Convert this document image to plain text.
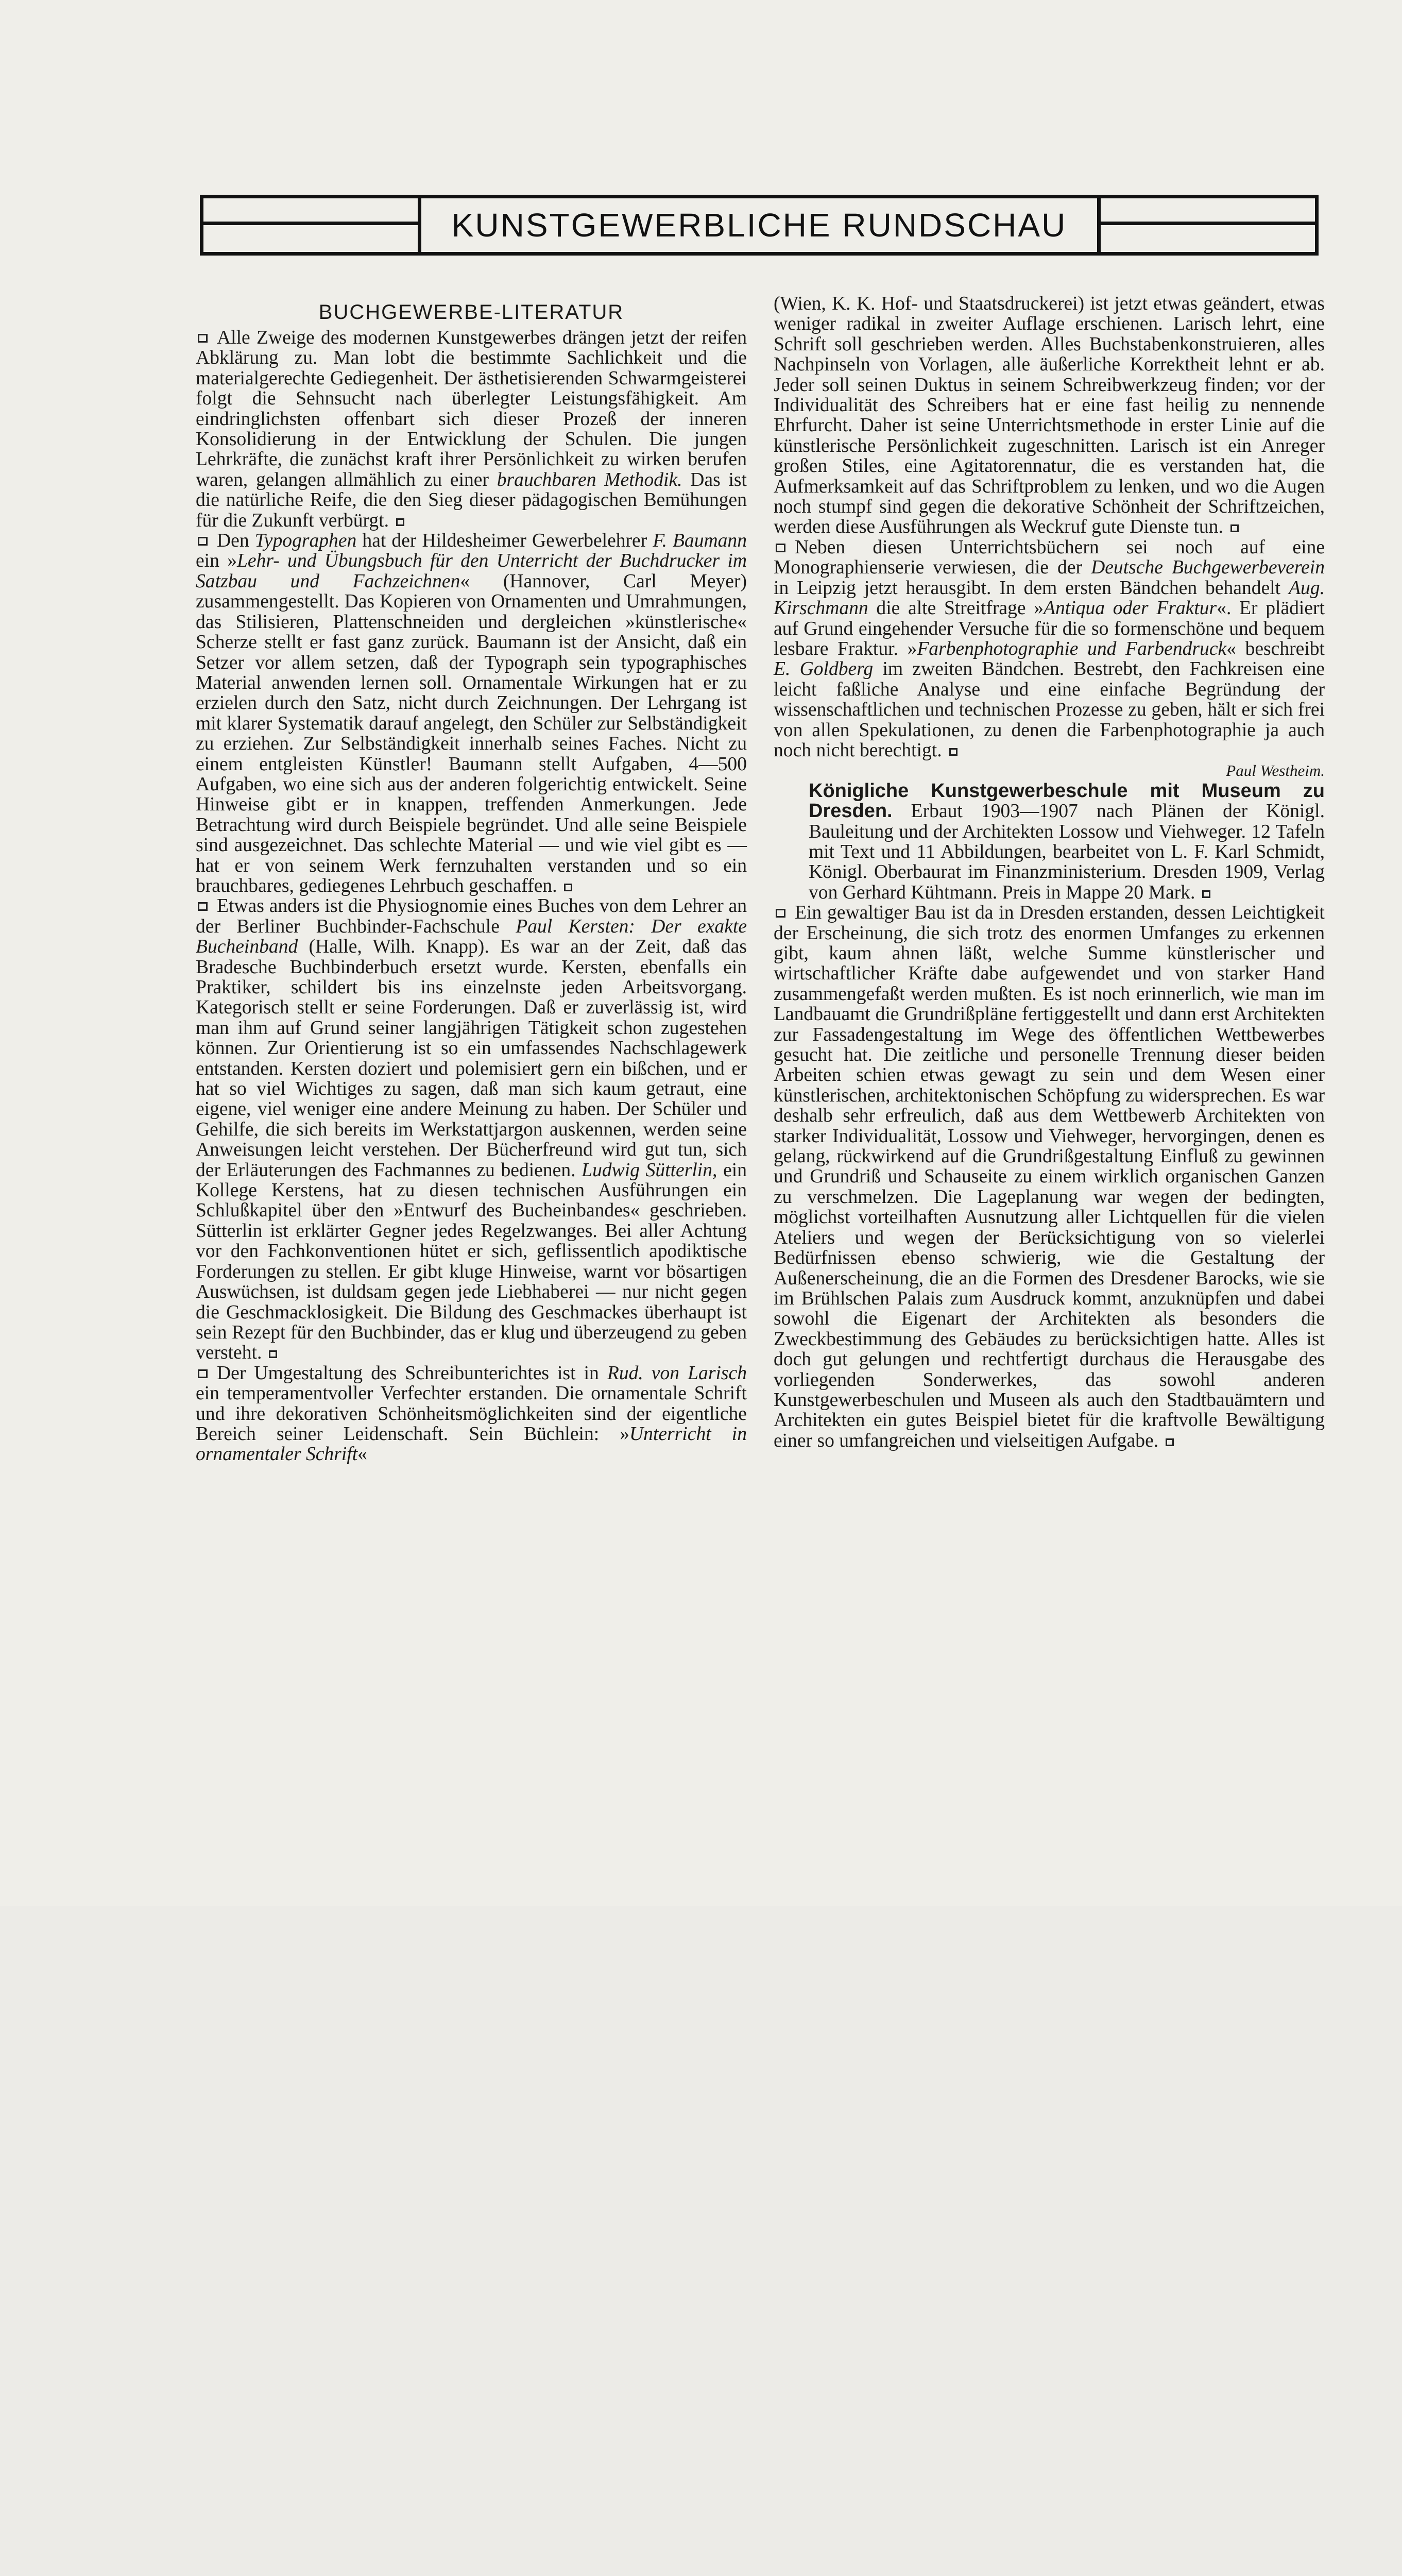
KUNSTGEWERBLICHE RUNDSCHAU
BUCHGEWERBE-LITERATUR

Alle Zweige des modernen Kunstgewerbes drängen jetzt der reifen Abklärung zu. Man lobt die bestimmte Sachlichkeit und die materialgerechte Gediegenheit. Der ästhetisierenden Schwarmgeisterei folgt die Sehnsucht nach überlegter Leistungsfähigkeit. Am eindringlichsten offenbart sich dieser Prozeß der inneren Konsolidierung in der Entwicklung der Schulen. Die jungen Lehrkräfte, die zunächst kraft ihrer Persönlichkeit zu wirken berufen waren, gelangen allmählich zu einer brauchbaren Methodik. Das ist die natürliche Reife, die den Sieg dieser pädagogischen Bemühungen für die Zukunft verbürgt.

Den Typographen hat der Hildesheimer Gewerbelehrer F. Baumann ein »Lehr- und Übungsbuch für den Unterricht der Buchdrucker im Satzbau und Fachzeichnen« (Hannover, Carl Meyer) zusammengestellt. Das Kopieren von Ornamenten und Umrahmungen, das Stilisieren, Plattenschneiden und dergleichen »künstlerische« Scherze stellt er fast ganz zurück. Baumann ist der Ansicht, daß ein Setzer vor allem setzen, daß der Typograph sein typographisches Material anwenden lernen soll. Ornamentale Wirkungen hat er zu erzielen durch den Satz, nicht durch Zeichnungen. Der Lehrgang ist mit klarer Systematik darauf angelegt, den Schüler zur Selbständigkeit zu erziehen. Zur Selbständigkeit innerhalb seines Faches. Nicht zu einem entgleisten Künstler! Baumann stellt Aufgaben, 4—500 Aufgaben, wo eine sich aus der anderen folgerichtig entwickelt. Seine Hinweise gibt er in knappen, treffenden Anmerkungen. Jede Betrachtung wird durch Beispiele begründet. Und alle seine Beispiele sind ausgezeichnet. Das schlechte Material — und wie viel gibt es — hat er von seinem Werk fernzuhalten verstanden und so ein brauchbares, gediegenes Lehrbuch geschaffen.

Etwas anders ist die Physiognomie eines Buches von dem Lehrer an der Berliner Buchbinder-Fachschule Paul Kersten: Der exakte Bucheinband (Halle, Wilh. Knapp). Es war an der Zeit, daß das Bradesche Buchbinderbuch ersetzt wurde. Kersten, ebenfalls ein Praktiker, schildert bis ins einzelnste jeden Arbeitsvorgang. Kategorisch stellt er seine Forderungen. Daß er zuverlässig ist, wird man ihm auf Grund seiner langjährigen Tätigkeit schon zugestehen können. Zur Orientierung ist so ein umfassendes Nachschlagewerk entstanden. Kersten doziert und polemisiert gern ein bißchen, und er hat so viel Wichtiges zu sagen, daß man sich kaum getraut, eine eigene, viel weniger eine andere Meinung zu haben. Der Schüler und Gehilfe, die sich bereits im Werkstattjargon auskennen, werden seine Anweisungen leicht verstehen. Der Bücherfreund wird gut tun, sich der Erläuterungen des Fachmannes zu bedienen. Ludwig Sütterlin, ein Kollege Kerstens, hat zu diesen technischen Ausführungen ein Schlußkapitel über den »Entwurf des Bucheinbandes« geschrieben. Sütterlin ist erklärter Gegner jedes Regelzwanges. Bei aller Achtung vor den Fachkonventionen hütet er sich, geflissentlich apodiktische Forderungen zu stellen. Er gibt kluge Hinweise, warnt vor bösartigen Auswüchsen, ist duldsam gegen jede Liebhaberei — nur nicht gegen die Geschmacklosigkeit. Die Bildung des Geschmackes überhaupt ist sein Rezept für den Buchbinder, das er klug und überzeugend zu geben versteht.

Der Umgestaltung des Schreibunterichtes ist in Rud. von Larisch ein temperamentvoller Verfechter erstanden. Die ornamentale Schrift und ihre dekorativen Schönheitsmöglichkeiten sind der eigentliche Bereich seiner Leidenschaft. Sein Büchlein: »Unterricht in ornamentaler Schrift«

(Wien, K. K. Hof- und Staatsdruckerei) ist jetzt etwas geändert, etwas weniger radikal in zweiter Auflage erschienen. Larisch lehrt, eine Schrift soll geschrieben werden. Alles Buchstabenkonstruieren, alles Nachpinseln von Vorlagen, alle äußerliche Korrektheit lehnt er ab. Jeder soll seinen Duktus in seinem Schreibwerkzeug finden; vor der Individualität des Schreibers hat er eine fast heilig zu nennende Ehrfurcht. Daher ist seine Unterrichtsmethode in erster Linie auf die künstlerische Persönlichkeit zugeschnitten. Larisch ist ein Anreger großen Stiles, eine Agitatorennatur, die es verstanden hat, die Aufmerksamkeit auf das Schriftproblem zu lenken, und wo die Augen noch stumpf sind gegen die dekorative Schönheit der Schriftzeichen, werden diese Ausführungen als Weckruf gute Dienste tun.

Neben diesen Unterrichtsbüchern sei noch auf eine Monographienserie verwiesen, die der Deutsche Buchgewerbeverein in Leipzig jetzt herausgibt. In dem ersten Bändchen behandelt Aug. Kirschmann die alte Streitfrage »Antiqua oder Fraktur«. Er plädiert auf Grund eingehender Versuche für die so formenschöne und bequem lesbare Fraktur. »Farbenphotographie und Farbendruck« beschreibt E. Goldberg im zweiten Bändchen. Bestrebt, den Fachkreisen eine leicht faßliche Analyse und eine einfache Begründung der wissenschaftlichen und technischen Prozesse zu geben, hält er sich frei von allen Spekulationen, zu denen die Farbenphotographie ja auch noch nicht berechtigt.

Paul Westheim.

Königliche Kunstgewerbeschule mit Museum zu Dresden. Erbaut 1903—1907 nach Plänen der Königl. Bauleitung und der Architekten Lossow und Viehweger. 12 Tafeln mit Text und 11 Abbildungen, bearbeitet von L. F. Karl Schmidt, Königl. Oberbaurat im Finanzministerium. Dresden 1909, Verlag von Gerhard Kühtmann. Preis in Mappe 20 Mark.

Ein gewaltiger Bau ist da in Dresden erstanden, dessen Leichtigkeit der Erscheinung, die sich trotz des enormen Umfanges zu erkennen gibt, kaum ahnen läßt, welche Summe künstlerischer und wirtschaftlicher Kräfte dabe aufgewendet und von starker Hand zusammengefaßt werden mußten. Es ist noch erinnerlich, wie man im Landbauamt die Grundrißpläne fertiggestellt und dann erst Architekten zur Fassadengestaltung im Wege des öffentlichen Wettbewerbes gesucht hat. Die zeitliche und personelle Trennung dieser beiden Arbeiten schien etwas gewagt zu sein und dem Wesen einer künstlerischen, architektonischen Schöpfung zu widersprechen. Es war deshalb sehr erfreulich, daß aus dem Wettbewerb Architekten von starker Individualität, Lossow und Viehweger, hervorgingen, denen es gelang, rückwirkend auf die Grundrißgestaltung Einfluß zu gewinnen und Grundriß und Schauseite zu einem wirklich organischen Ganzen zu verschmelzen. Die Lageplanung war wegen der bedingten, möglichst vorteilhaften Ausnutzung aller Lichtquellen für die vielen Ateliers und wegen der Berücksichtigung von so vielerlei Bedürfnissen ebenso schwierig, wie die Gestaltung der Außenerscheinung, die an die Formen des Dresdener Barocks, wie sie im Brühlschen Palais zum Ausdruck kommt, anzuknüpfen und dabei sowohl die Eigenart der Architekten als besonders die Zweckbestimmung des Gebäudes zu berücksichtigen hatte. Alles ist doch gut gelungen und rechtfertigt durchaus die Herausgabe des vorliegenden Sonderwerkes, das sowohl anderen Kunstgewerbeschulen und Museen als auch den Stadtbauämtern und Architekten ein gutes Beispiel bietet für die kraftvolle Bewältigung einer so umfangreichen und vielseitigen Aufgabe.
